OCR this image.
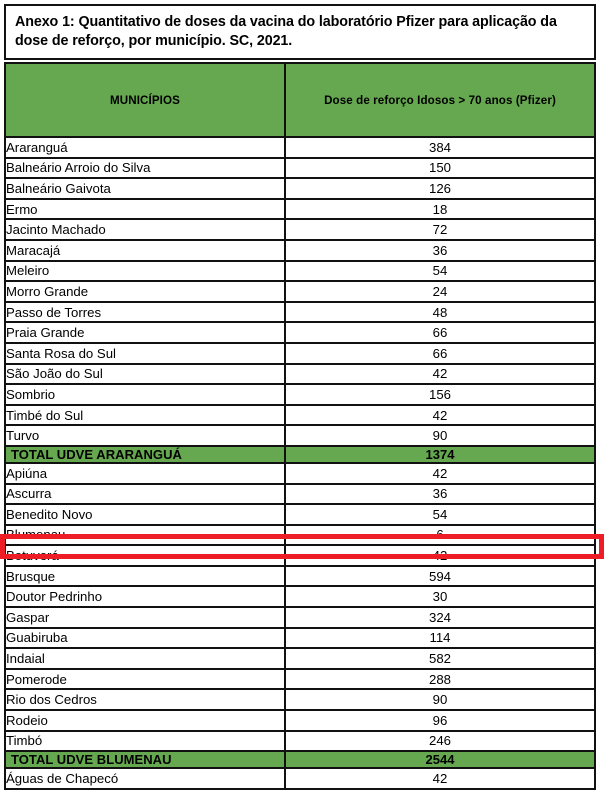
Anexo 1: Quantitativo de doses da vacina do laboratório Pfizer para aplicação da dose de reforço, por município. SC, 2021.
MUNICÍPIOS	Dose de reforço Idosos > 70 anos (Pfizer)
Araranguá	384
Balneário Arroio do Silva	150
Balneário Gaivota	126
Ermo	18
Jacinto Machado	72
Maracajá	36
Meleiro	54
Morro Grande	24
Passo de Torres	48
Praia Grande	66
Santa Rosa do Sul	66
São João do Sul	42
Sombrio	156
Timbé do Sul	42
Turvo	90
TOTAL UDVE ARARANGUÁ	1374
Apiúna	42
Ascurra	36
Benedito Novo	54
Blumenau	6
Botuverá	42
Brusque	594
Doutor Pedrinho	30
Gaspar	324
Guabiruba	114
Indaial	582
Pomerode	288
Rio dos Cedros	90
Rodeio	96
Timbó	246
TOTAL UDVE BLUMENAU	2544
Águas de Chapecó	42
